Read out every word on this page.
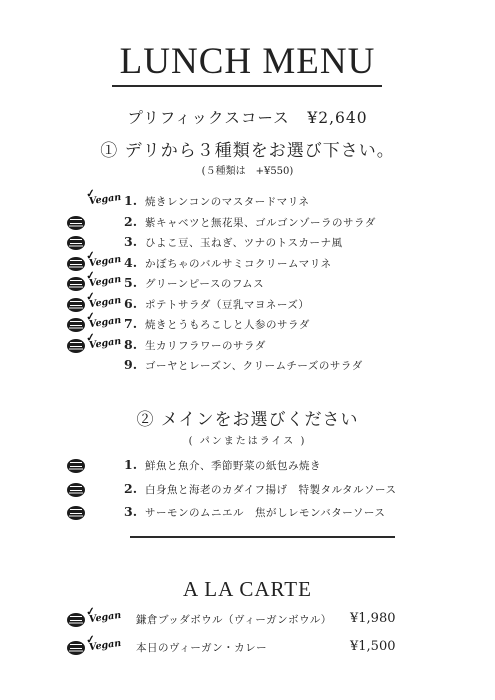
LUNCH MENU
プリフィックスコース ¥2,640
① デリから３種類をお選び下さい。
(５種類は　+¥550)
✓ Vegan 1. 焼きレンコンのマスタードマリネ
2. 紫キャベツと無花果、ゴルゴンゾーラのサラダ
3. ひよこ豆、玉ねぎ、ツナのトスカーナ風
✓ Vegan 4. かぼちゃのバルサミコクリームマリネ
✓ Vegan 5. グリーンピースのフムス
✓ Vegan 6. ポテトサラダ（豆乳マヨネーズ）
✓ Vegan 7. 焼きとうもろこしと人参のサラダ
✓ Vegan 8. 生カリフラワーのサラダ
9. ゴーヤとレーズン、クリームチーズのサラダ
② メインをお選びください
( パンまたはライス )
1. 鮮魚と魚介、季節野菜の紙包み焼き
2. 白身魚と海老のカダイフ揚げ　特製タルタルソース
3. サーモンのムニエル　焦がしレモンバターソース
A LA CARTE
✓ Vegan 鎌倉ブッダボウル（ヴィーガンボウル） ¥1,980
✓ Vegan 本日のヴィーガン・カレー	¥1,500
